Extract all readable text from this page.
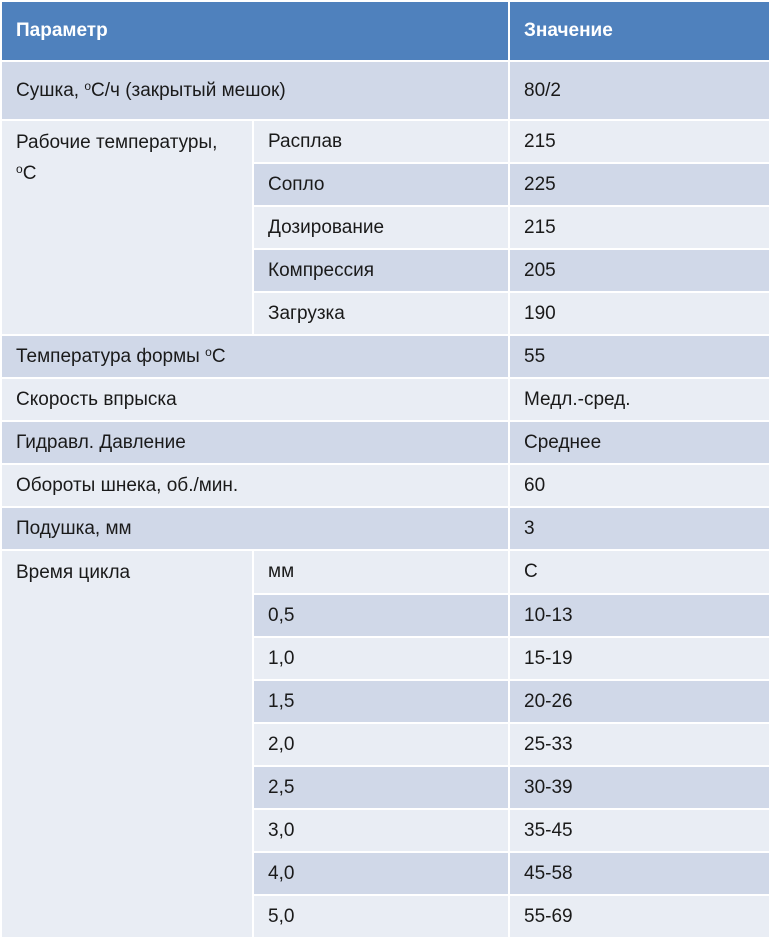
Параметр		Значение
Сушка, $^o$C/ч (закрытый мешок)		80/2
Рабочие температуры,
$^o$C	Расплав	215
	Сопло	225
	Дозирование	215
	Компрессия	205
	Загрузка	190
Температура формы $^o$C		55
Скорость впрыска		Медл.-сред.
Гидравл. Давление		Среднее
Обороты шнека, об./мин.		60
Подушка, мм		3
Время цикла	мм	С
	0,5	10-13
	1,0	15-19
	1,5	20-26
	2,0	25-33
	2,5	30-39
	3,0	35-45
	4,0	45-58
	5,0	55-69
